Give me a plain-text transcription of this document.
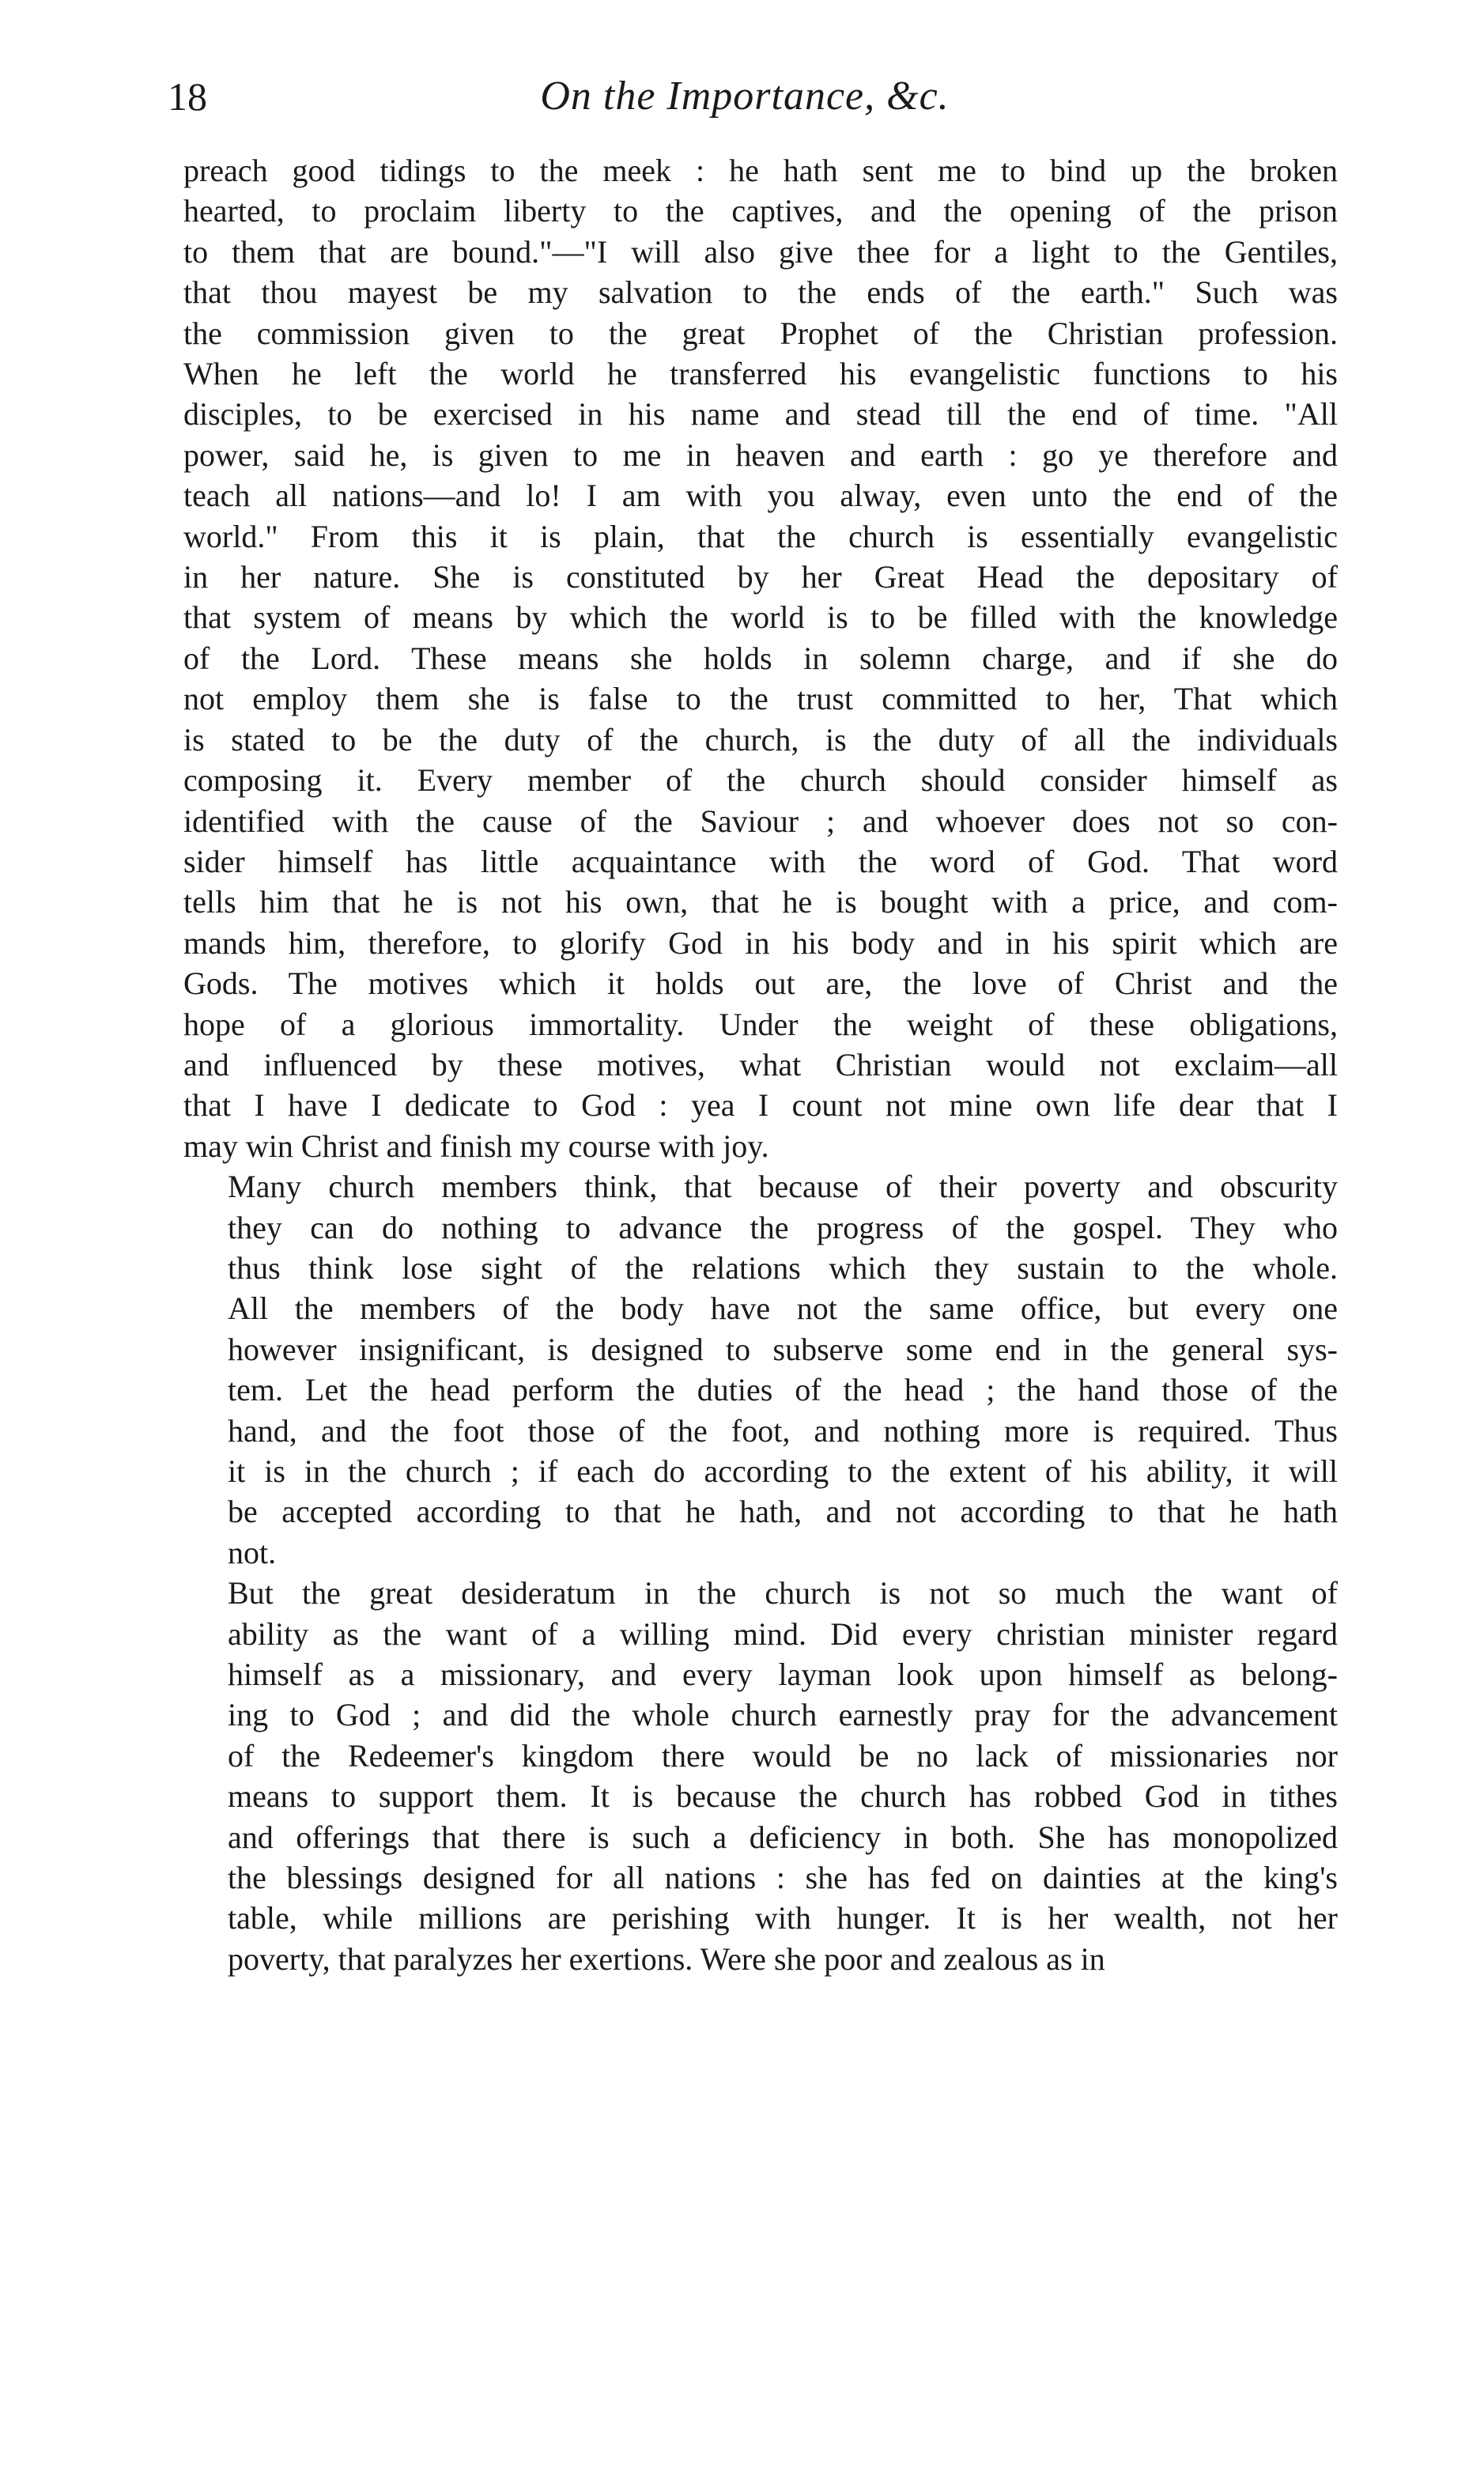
18	On the Importance, &c.
preach good tidings to the meek : he hath sent me to bind up the broken
hearted, to proclaim liberty to the captives, and the opening of the prison
to them that are bound."—"I will also give thee for a light to the Gentiles,
that thou mayest be my salvation to the ends of the earth." Such was
the commission given to the great Prophet of the Christian profession.
When he left the world he transferred his evangelistic functions to his
disciples, to be exercised in his name and stead till the end of time. "All
power, said he, is given to me in heaven and earth : go ye therefore and
teach all nations—and lo! I am with you alway, even unto the end of the
world." From this it is plain, that the church is essentially evangelistic
in her nature. She is constituted by her Great Head the depositary of
that system of means by which the world is to be filled with the knowledge
of the Lord. These means she holds in solemn charge, and if she do
not employ them she is false to the trust committed to her, That which
is stated to be the duty of the church, is the duty of all the individuals
composing it. Every member of the church should consider himself as
identified with the cause of the Saviour ; and whoever does not so con-
sider himself has little acquaintance with the word of God. That word
tells him that he is not his own, that he is bought with a price, and com-
mands him, therefore, to glorify God in his body and in his spirit which are
Gods. The motives which it holds out are, the love of Christ and the
hope of a glorious immortality. Under the weight of these obligations,
and influenced by these motives, what Christian would not exclaim—all
that I have I dedicate to God : yea I count not mine own life dear that I
may win Christ and finish my course with joy.
Many church members think, that because of their poverty and obscurity
they can do nothing to advance the progress of the gospel. They who
thus think lose sight of the relations which they sustain to the whole.
All the members of the body have not the same office, but every one
however insignificant, is designed to subserve some end in the general sys-
tem. Let the head perform the duties of the head ; the hand those of the
hand, and the foot those of the foot, and nothing more is required. Thus
it is in the church ; if each do according to the extent of his ability, it will
be accepted according to that he hath, and not according to that he hath
not.
But the great desideratum in the church is not so much the want of
ability as the want of a willing mind. Did every christian minister regard
himself as a missionary, and every layman look upon himself as belong-
ing to God ; and did the whole church earnestly pray for the advancement
of the Redeemer's kingdom there would be no lack of missionaries nor
means to support them. It is because the church has robbed God in tithes
and offerings that there is such a deficiency in both. She has monopolized
the blessings designed for all nations : she has fed on dainties at the king's
table, while millions are perishing with hunger. It is her wealth, not her
poverty, that paralyzes her exertions. Were she poor and zealous as in
